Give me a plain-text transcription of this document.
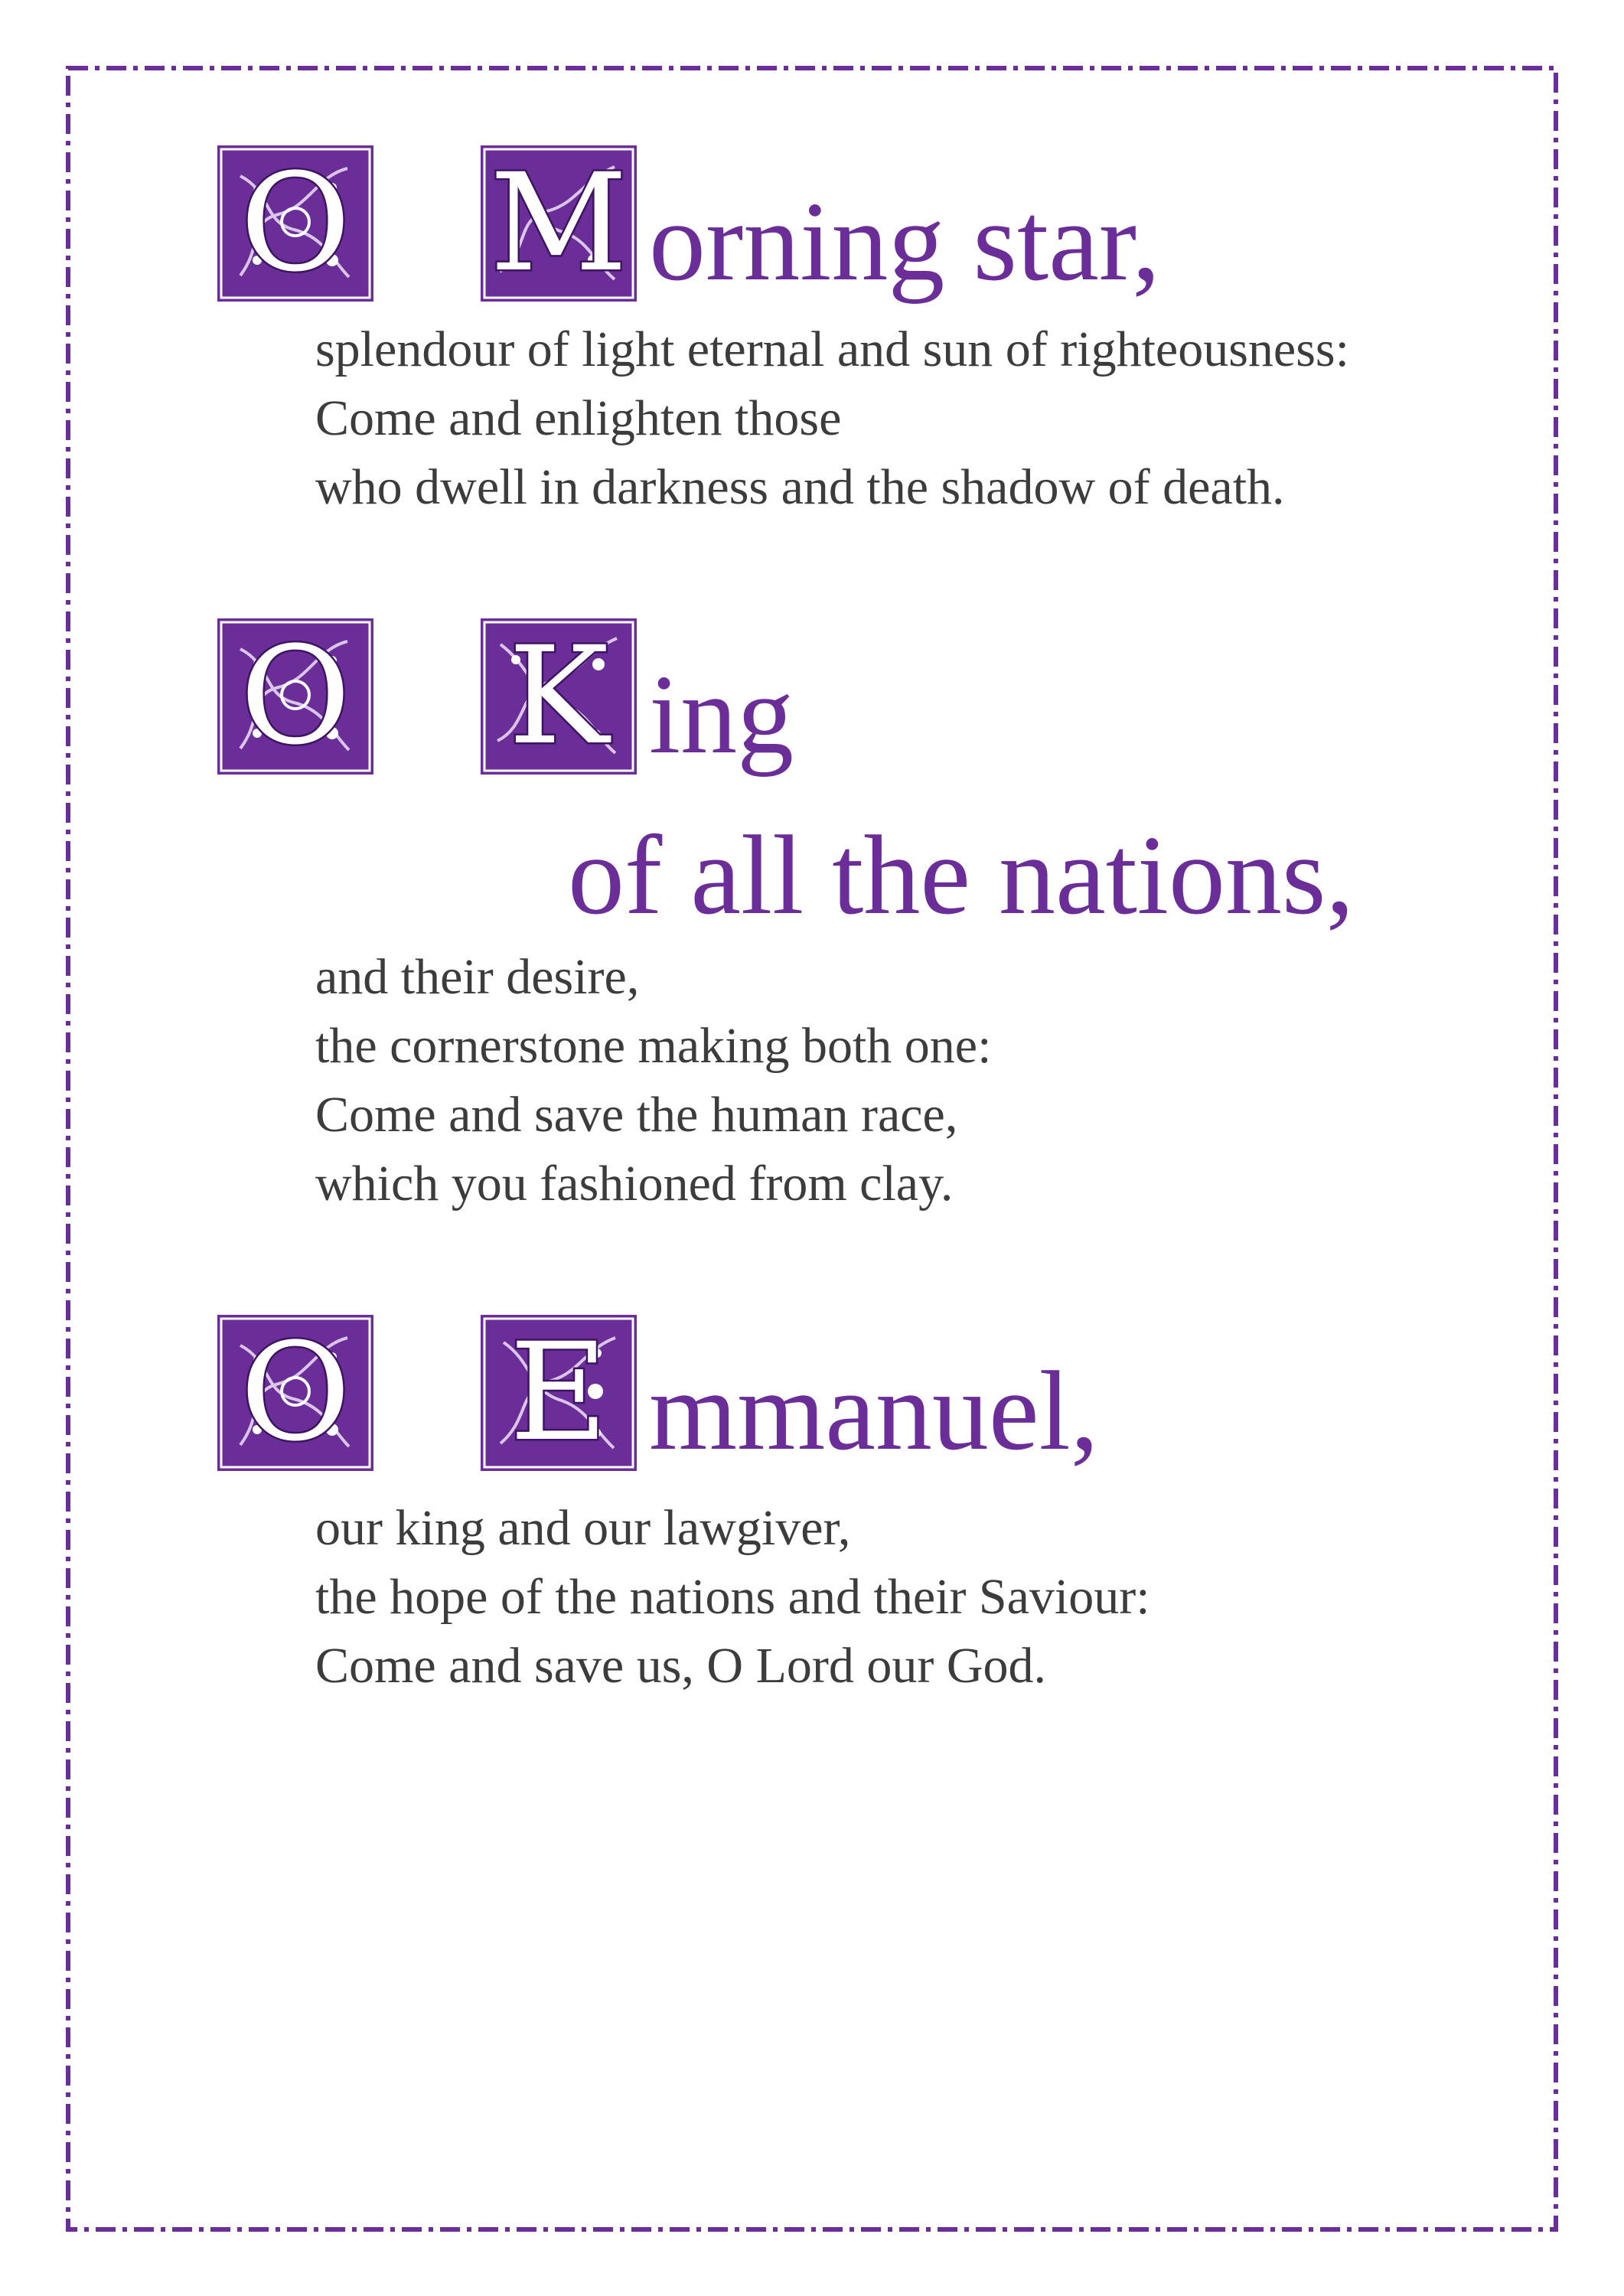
O M orning star,
splendour of light eternal and sun of righteousness:
Come and enlighten those
who dwell in darkness and the shadow of death.
O K ing
of all the nations,
and their desire,
the cornerstone making both one:
Come and save the human race,
which you fashioned from clay.
O E mmanuel,
our king and our lawgiver,
the hope of the nations and their Saviour:
Come and save us, O Lord our God.
